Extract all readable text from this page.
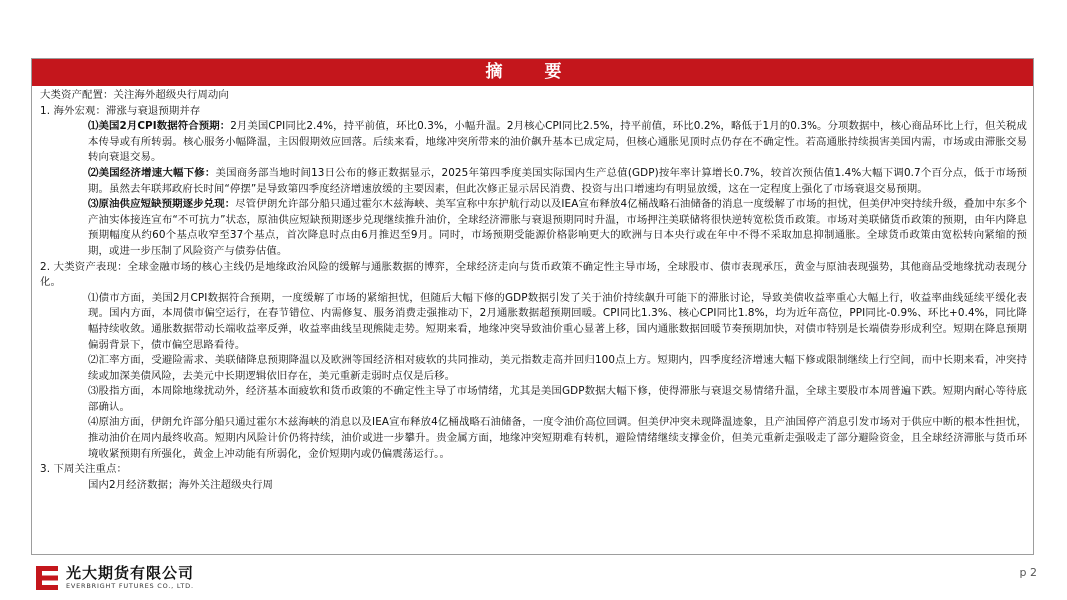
摘 要
大类资产配置：关注海外超级央行周动向
1. 海外宏观：滞涨与衰退预期并存
⑴美国2月CPI数据符合预期：2月美国CPI同比2.4%，持平前值，环比0.3%，小幅升温。2月核心CPI同比2.5%，持平前值，环比0.2%，略低于1月的0.3%。分项数据中，核心商品环比上行，但关税成本传导或有所转弱。核心服务小幅降温，主因假期效应回落。后续来看，地缘冲突所带来的油价飙升基本已成定局，但核心通胀见顶时点仍存在不确定性。若高通胀持续损害美国内需，市场或由滞胀交易转向衰退交易。
⑵美国经济增速大幅下修：美国商务部当地时间13日公布的修正数据显示，2025年第四季度美国实际国内生产总值(GDP)按年率计算增长0.7%，较首次预估值1.4%大幅下调0.7个百分点，低于市场预期。虽然去年联邦政府长时间“停摆”是导致第四季度经济增速放缓的主要因素，但此次修正显示居民消费、投资与出口增速均有明显放缓，这在一定程度上强化了市场衰退交易预期。
⑶原油供应短缺预期逐步兑现：尽管伊朗允许部分船只通过霍尔木兹海峡、美军宣称中东护航行动以及IEA宣布释放4亿桶战略石油储备的消息一度缓解了市场的担忧，但美伊冲突持续升级，叠加中东多个产油实体接连宣布“不可抗力”状态，原油供应短缺预期逐步兑现继续推升油价，全球经济滞胀与衰退预期同时升温，市场押注美联储将很快逆转宽松货币政策。市场对美联储货币政策的预期，由年内降息预期幅度从约60个基点收窄至37个基点，首次降息时点由6月推迟至9月。同时，市场预期受能源价格影响更大的欧洲与日本央行或在年中不得不采取加息抑制通胀。全球货币政策由宽松转向紧缩的预期，或进一步压制了风险资产与债券估值。
2. 大类资产表现：全球金融市场的核心主线仍是地缘政治风险的缓解与通胀数据的博弈，全球经济走向与货币政策不确定性主导市场，全球股市、债市表现承压，黄金与原油表现强势，其他商品受地缘扰动表现分化。
⑴债市方面，美国2月CPI数据符合预期，一度缓解了市场的紧缩担忧，但随后大幅下修的GDP数据引发了关于油价持续飙升可能下的滞胀讨论，导致美债收益率重心大幅上行，收益率曲线延续平缓化表现。国内方面，本周债市偏空运行，在春节错位、内需修复、服务消费走强推动下，2月通胀数据超预期回暖。CPI同比1.3%、核心CPI同比1.8%，均为近年高位，PPI同比-0.9%、环比+0.4%，同比降幅持续收敛。通胀数据带动长端收益率反弹，收益率曲线呈现熊陡走势。短期来看，地缘冲突导致油价重心显著上移，国内通胀数据回暖节奏预期加快，对债市特别是长端债券形成利空。短期在降息预期偏弱背景下，债市偏空思路看待。
⑵汇率方面，受避险需求、美联储降息预期降温以及欧洲等国经济相对疲软的共同推动，美元指数走高并回归100点上方。短期内，四季度经济增速大幅下修或限制继续上行空间，而中长期来看，冲突持续或加深美债风险，去美元中长期逻辑依旧存在，美元重新走弱时点仅是后移。
⑶股指方面，本周除地缘扰动外，经济基本面疲软和货币政策的不确定性主导了市场情绪，尤其是美国GDP数据大幅下修，使得滞胀与衰退交易情绪升温，全球主要股市本周普遍下跌。短期内耐心等待底部确认。
⑷原油方面，伊朗允许部分船只通过霍尔木兹海峡的消息以及IEA宣布释放4亿桶战略石油储备，一度令油价高位回调。但美伊冲突未现降温迹象，且产油国停产消息引发市场对于供应中断的根本性担忧，推动油价在周内最终收高。短期内风险计价仍将持续，油价或进一步攀升。贵金属方面，地缘冲突短期难有转机，避险情绪继续支撑金价，但美元重新走强吸走了部分避险资金，且全球经济滞胀与货币环境收紧预期有所强化，黄金上冲动能有所弱化，金价短期内或仍偏震荡运行。。
3. 下周关注重点：
国内2月经济数据；海外关注超级央行周
光大期货有限公司
EVERBRIGHT FUTURES CO., LTD.
p 2
